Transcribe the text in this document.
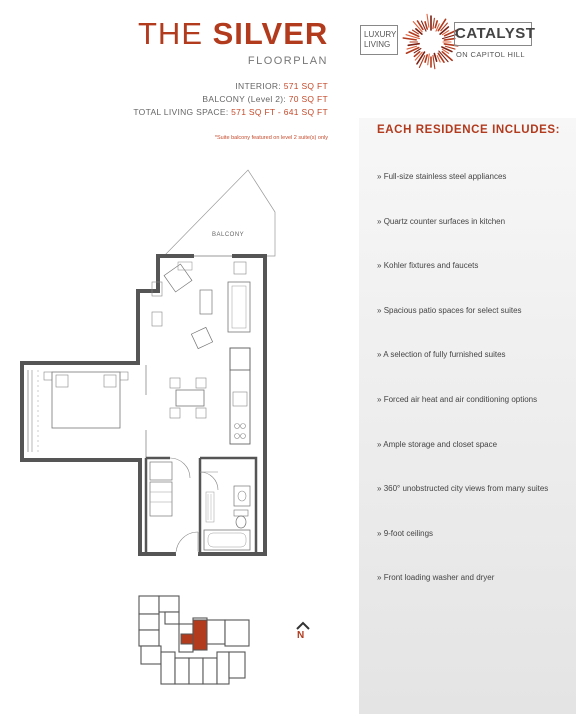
THE SILVER
FLOORPLAN
INTERIOR: 571 SQ FT
BALCONY (Level 2): 70 SQ FT
TOTAL LIVING SPACE: 571 SQ FT - 641 SQ FT
*Suite balcony featured on level 2 suite(s) only
LUXURY
LIVING
CATALYST
ON CAPITOL HILL
EACH RESIDENCE INCLUDES:
» Full-size stainless steel appliances
» Quartz counter surfaces in kitchen
» Kohler fixtures and faucets
» Spacious patio spaces for select suites
» A selection of fully furnished suites
» Forced air heat and air conditioning options
» Ample storage and closet space
» 360° unobstructed city views from many suites
» 9-foot ceilings
» Front loading washer and dryer
BALCONY
N
